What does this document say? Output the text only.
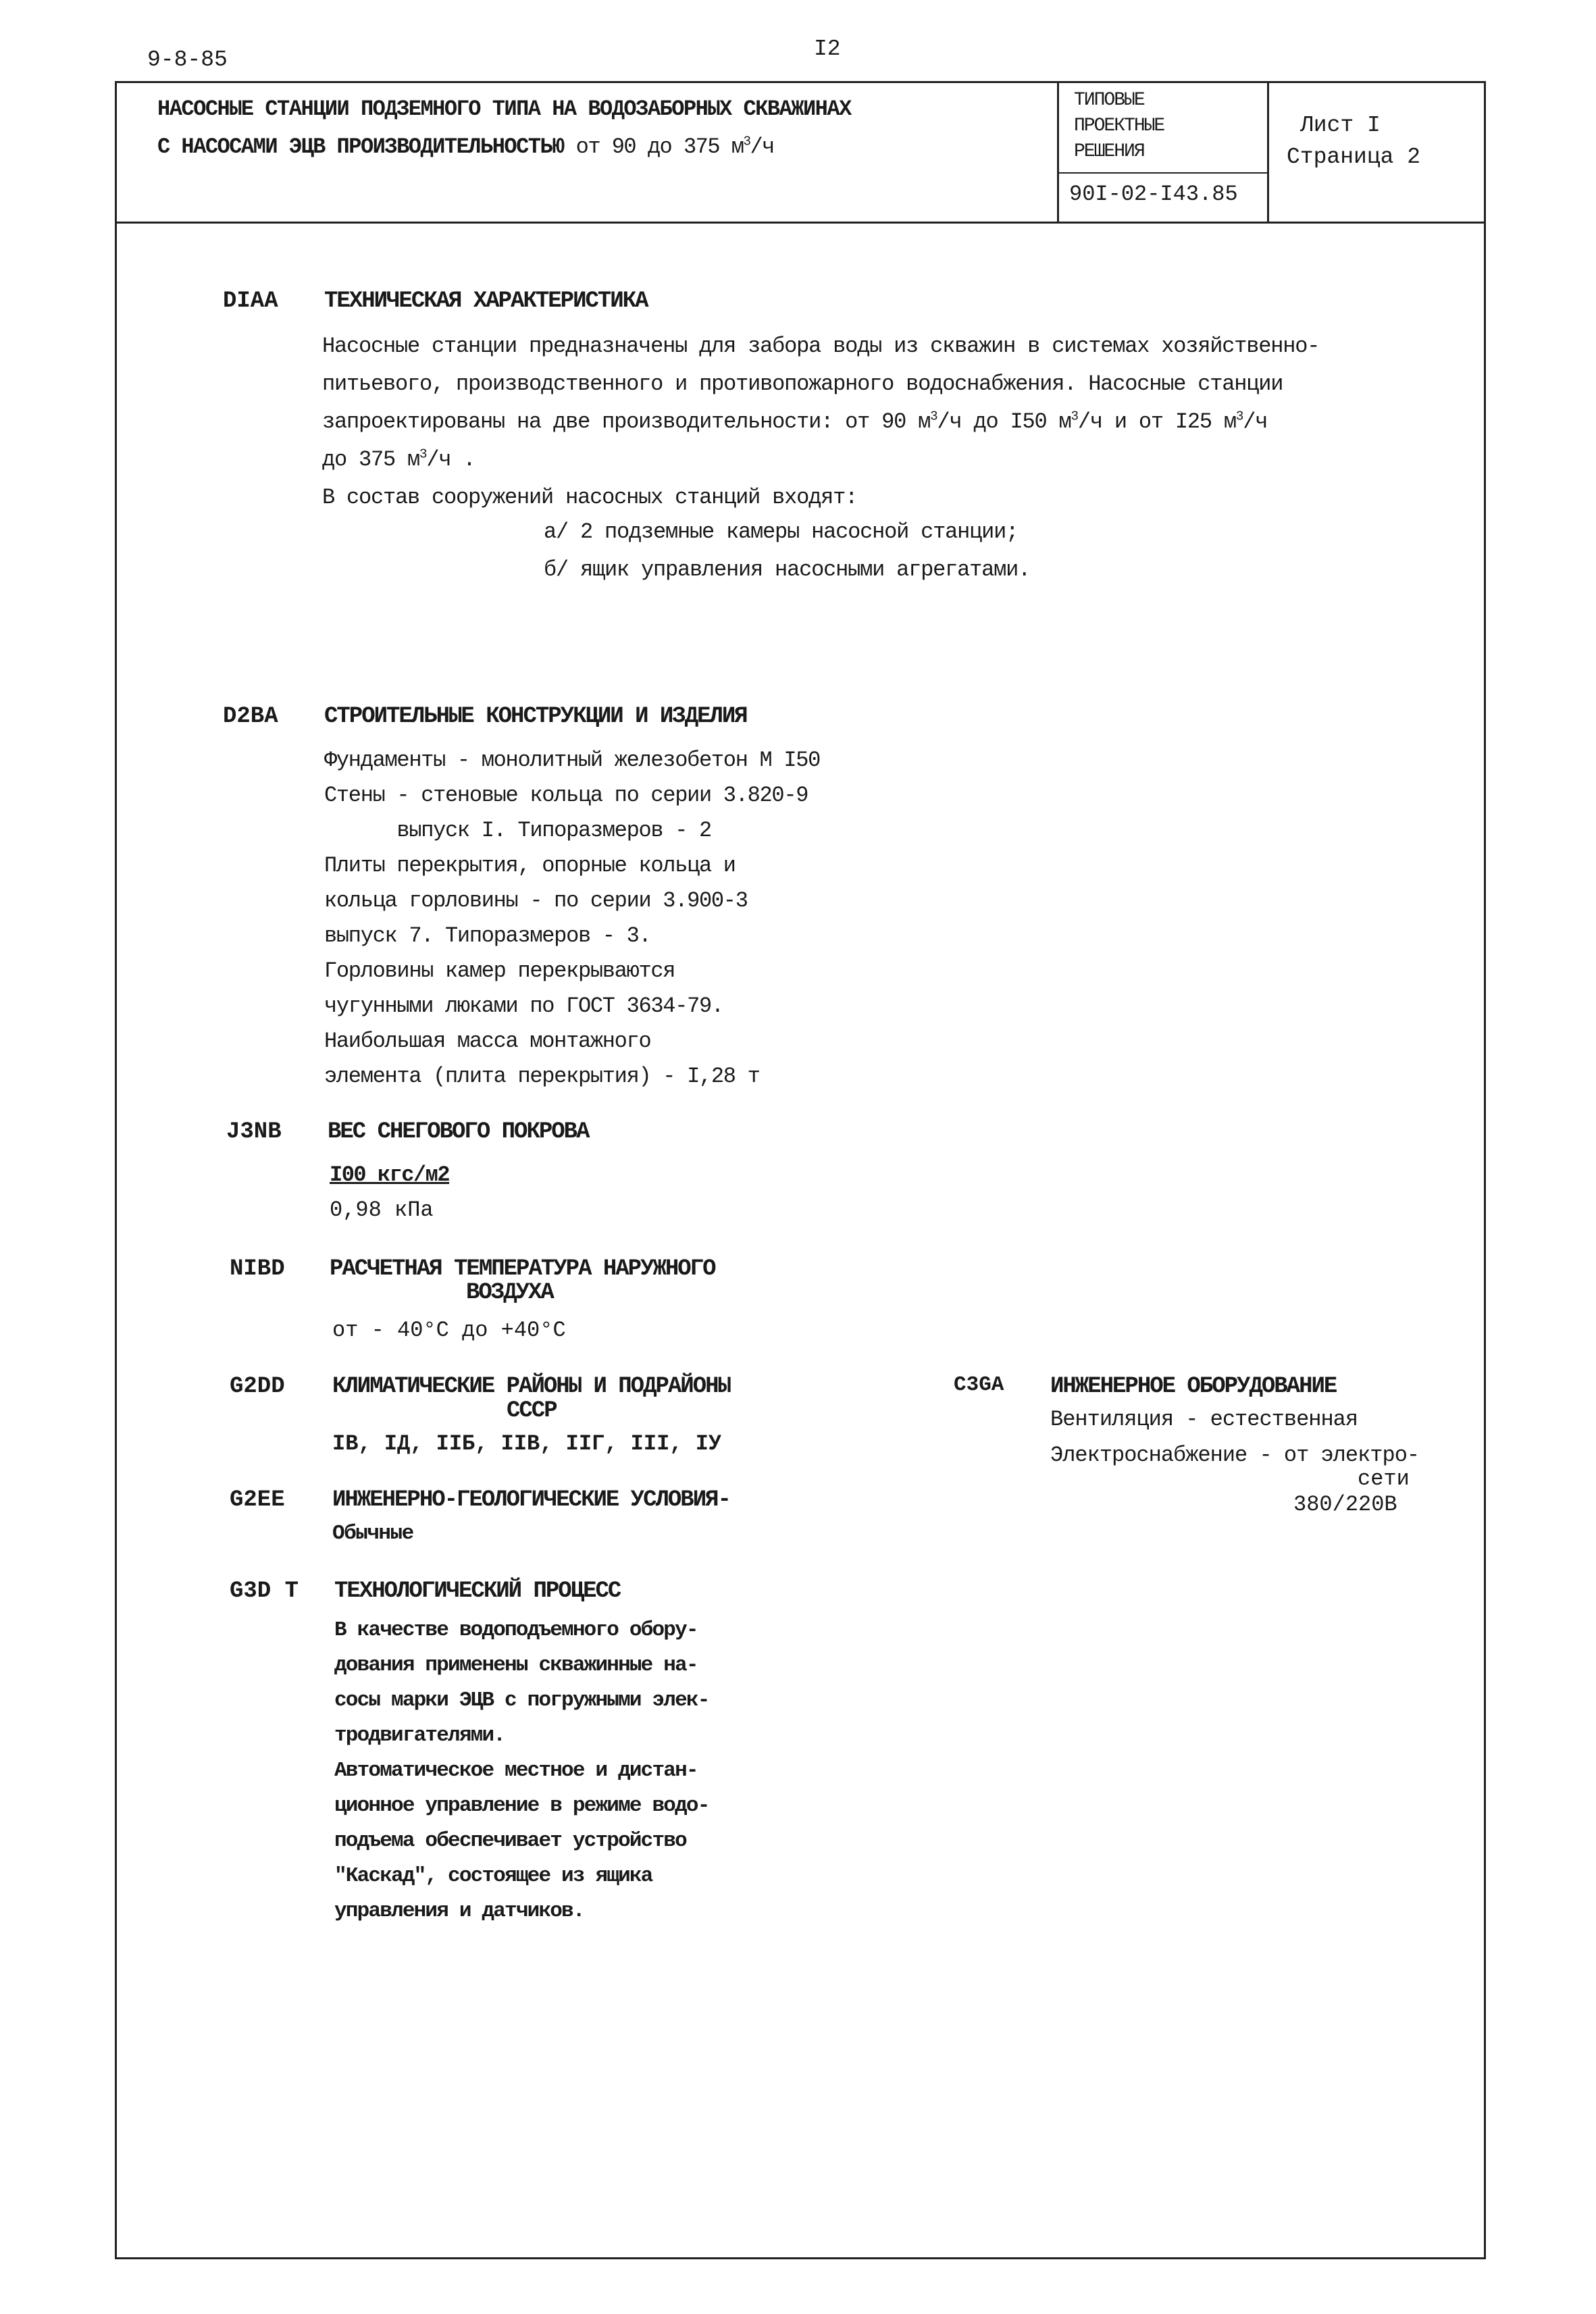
9-8-85	I2
НАСОСНЫЕ СТАНЦИИ ПОДЗЕМНОГО ТИПА НА ВОДОЗАБОРНЫХ СКВАЖИНАХ
С НАСОСАМИ ЭЦВ ПРОИЗВОДИТЕЛЬНОСТЬЮ от 90 до 375 $м^3/ч$
ТИПОВЫЕ
ПРОЕКТНЫЕ
РЕШЕНИЯ
90I-02-I43.85
Лист I
Страница 2
DIAA ТЕХНИЧЕСКАЯ ХАРАКТЕРИСТИКА
Насосные станции предназначены для забора воды из скважин в системах хозяйственно-
питьевого, производственного и противопожарного водоснабжения. Насосные станции
запроектированы на две производительности: от 90 $м^3/ч$ до I50 $м^3/ч$ и от I25 $м^3/ч$
до 375 $м^3/ч$ .
В состав сооружений насосных станций входят:
а/ 2 подземные камеры насосной станции;
б/ ящик управления насосными агрегатами.
D2BA СТРОИТЕЛЬНЫЕ КОНСТРУКЦИИ И ИЗДЕЛИЯ
Фундаменты - монолитный железобетон М I50
Стены - стеновые кольца по серии 3.820-9
выпуск I. Типоразмеров - 2
Плиты перекрытия, опорные кольца и
кольца горловины - по серии 3.900-3
выпуск 7. Типоразмеров - 3.
Горловины камер перекрываются
чугунными люками по ГОСТ 3634-79.
Наибольшая масса монтажного
элемента (плита перекрытия) - I,28 т
J3NB ВЕС СНЕГОВОГО ПОКРОВА
I00 кгс/м2
0,98 кПа
NIBD РАСЧЕТНАЯ ТЕМПЕРАТУРА НАРУЖНОГО
ВОЗДУХА
от - 40°С до +40°С
G2DD КЛИМАТИЧЕСКИЕ РАЙОНЫ И ПОДРАЙОНЫ
СССР
IВ, IД, IIБ, IIВ, IIГ, III, IУ
G2EE ИНЖЕНЕРНО-ГЕОЛОГИЧЕСКИЕ УСЛОВИЯ-
Обычные
G3D T ТЕХНОЛОГИЧЕСКИЙ ПРОЦЕСС
В качестве водоподъемного обору-
дования применены скважинные на-
сосы марки ЭЦВ с погружными элек-
тродвигателями.
Автоматическое местное и дистан-
ционное управление в режиме водо-
подъема обеспечивает устройство
"Каскад", состоящее из ящика
управления и датчиков.
C3GA ИНЖЕНЕРНОЕ ОБОРУДОВАНИЕ
Вентиляция - естественная
Электроснабжение - от электро-
сети
380/220В
